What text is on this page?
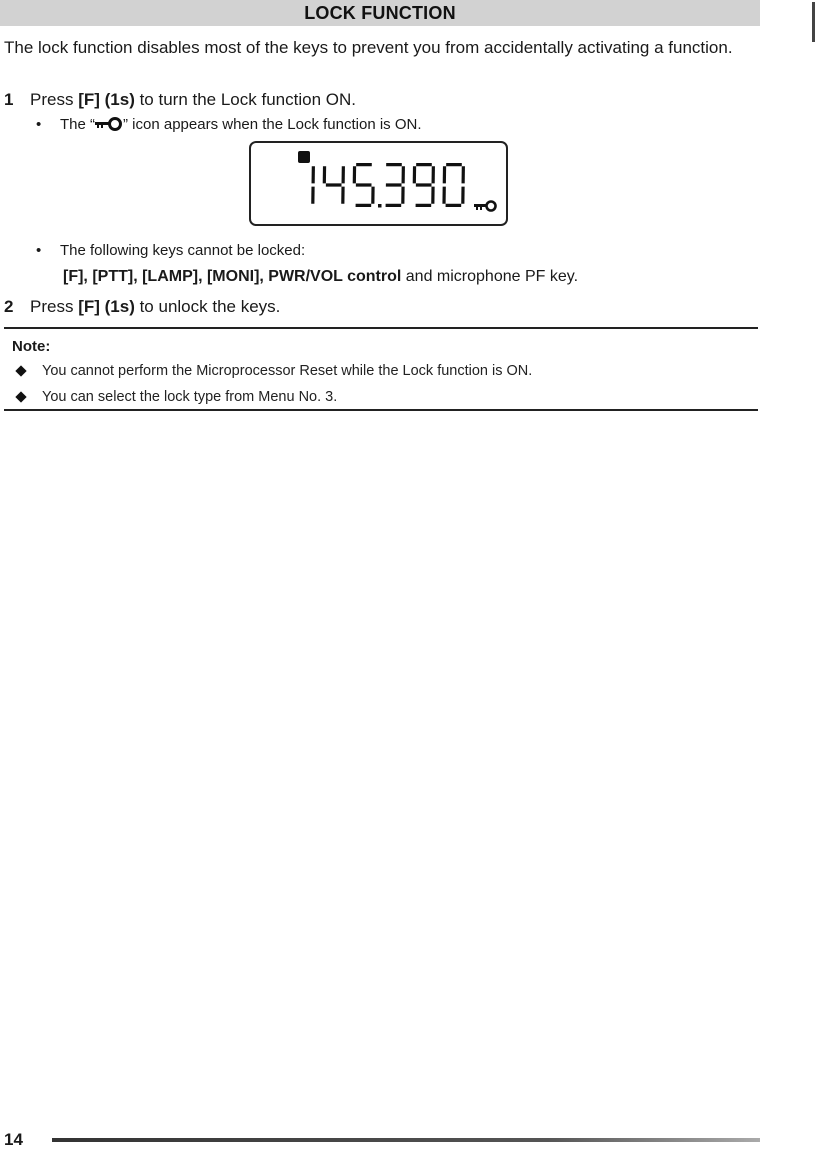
LOCK FUNCTION
The lock function disables most of the keys to prevent you from accidentally activating a function.
1 Press [F] (1s) to turn the Lock function ON.
• The “ ” icon appears when the Lock function is ON.
• The following keys cannot be locked:
[F], [PTT], [LAMP], [MONI], PWR/VOL control and microphone PF key.
2 Press [F] (1s) to unlock the keys.
Note:
You cannot perform the Microprocessor Reset while the Lock function is ON.
You can select the lock type from Menu No. 3.
14
